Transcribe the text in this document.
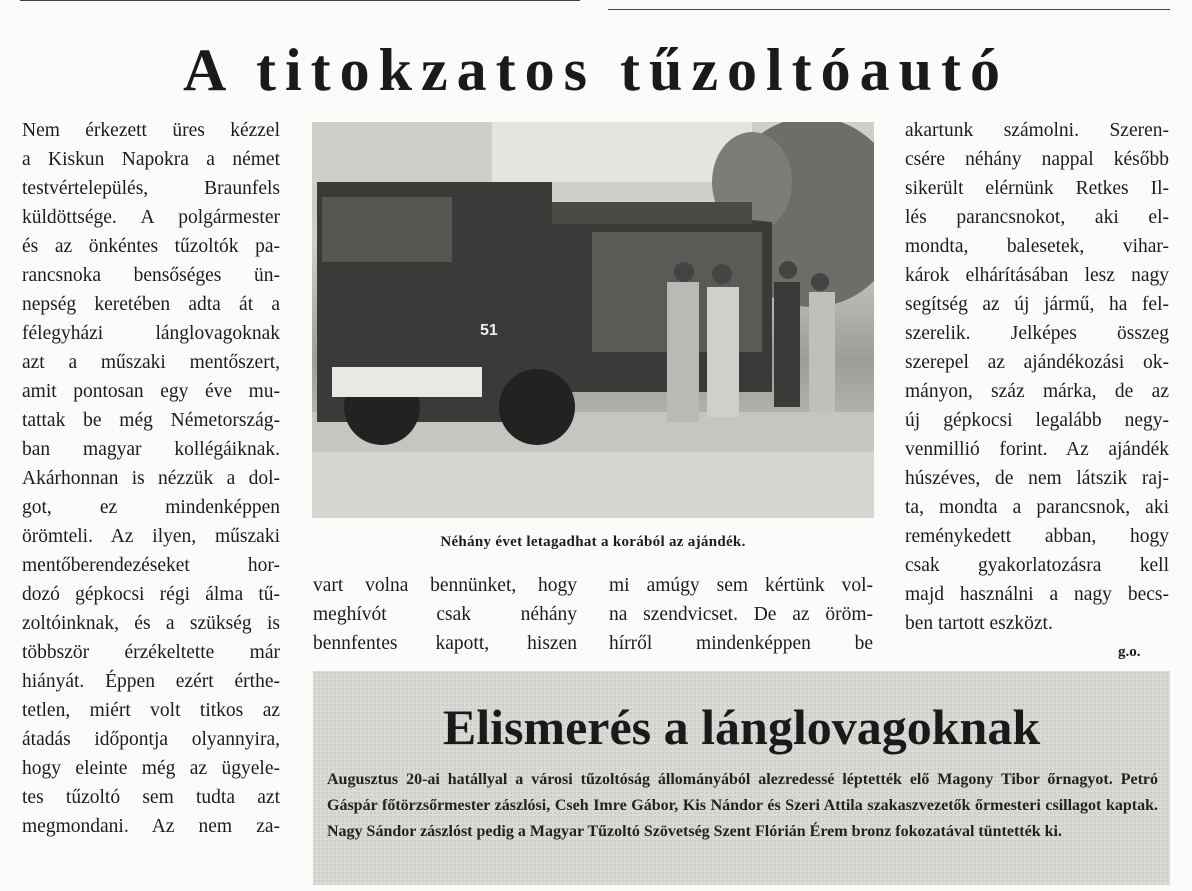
A titokzatos tűzoltóautó
Nem érkezett üres kézzel
a Kiskun Napokra a német
testvértelepülés, Braunfels
küldöttsége. A polgármester
és az önkéntes tűzoltók pa-
rancsnoka bensőséges ün-
nepség keretében adta át a
félegyházi lánglovagoknak
azt a műszaki mentőszert,
amit pontosan egy éve mu-
tattak be még Németország-
ban magyar kollégáiknak.
Akárhonnan is nézzük a dol-
got, ez mindenképpen
örömteli. Az ilyen, műszaki
mentőberendezéseket hor-
dozó gépkocsi régi álma tű-
zoltóinknak, és a szükség is
többször érzékeltette már
hiányát. Éppen ezért érthe-
tetlen, miért volt titkos az
átadás időpontja olyannyira,
hogy eleinte még az ügyele-
tes tűzoltó sem tudta azt
megmondani. Az nem za-
51
Néhány évet letagadhat a korából az ajándék.
vart volna bennünket, hogy
meghívót csak néhány
bennfentes kapott, hiszen
mi amúgy sem kértünk vol-
na szendvicset. De az öröm-
hírről mindenképpen be
akartunk számolni. Szeren-
csére néhány nappal később
sikerült elérnünk Retkes Il-
lés parancsnokot, aki el-
mondta, balesetek, vihar-
károk elhárításában lesz nagy
segítség az új jármű, ha fel-
szerelik. Jelképes összeg
szerepel az ajándékozási ok-
mányon, száz márka, de az
új gépkocsi legalább negy-
venmillió forint. Az ajándék
húszéves, de nem látszik raj-
ta, mondta a parancsnok, aki
reménykedett abban, hogy
csak gyakorlatozásra kell
majd használni a nagy becs-
ben tartott eszközt.
g.o.
Elismerés a lánglovagoknak

Augusztus 20-ai hatállyal a városi tűzoltóság állományából alezredessé léptették elő Magony Tibor őrnagyot. Petró Gáspár főtörzsőrmester zászlósi, Cseh Imre Gábor, Kis Nándor és Szeri Attila szakaszvezetők őrmesteri csillagot kaptak. Nagy Sándor zászlóst pedig a Magyar Tűzoltó Szövetség Szent Flórián Érem bronz fokozatával tüntették ki.
